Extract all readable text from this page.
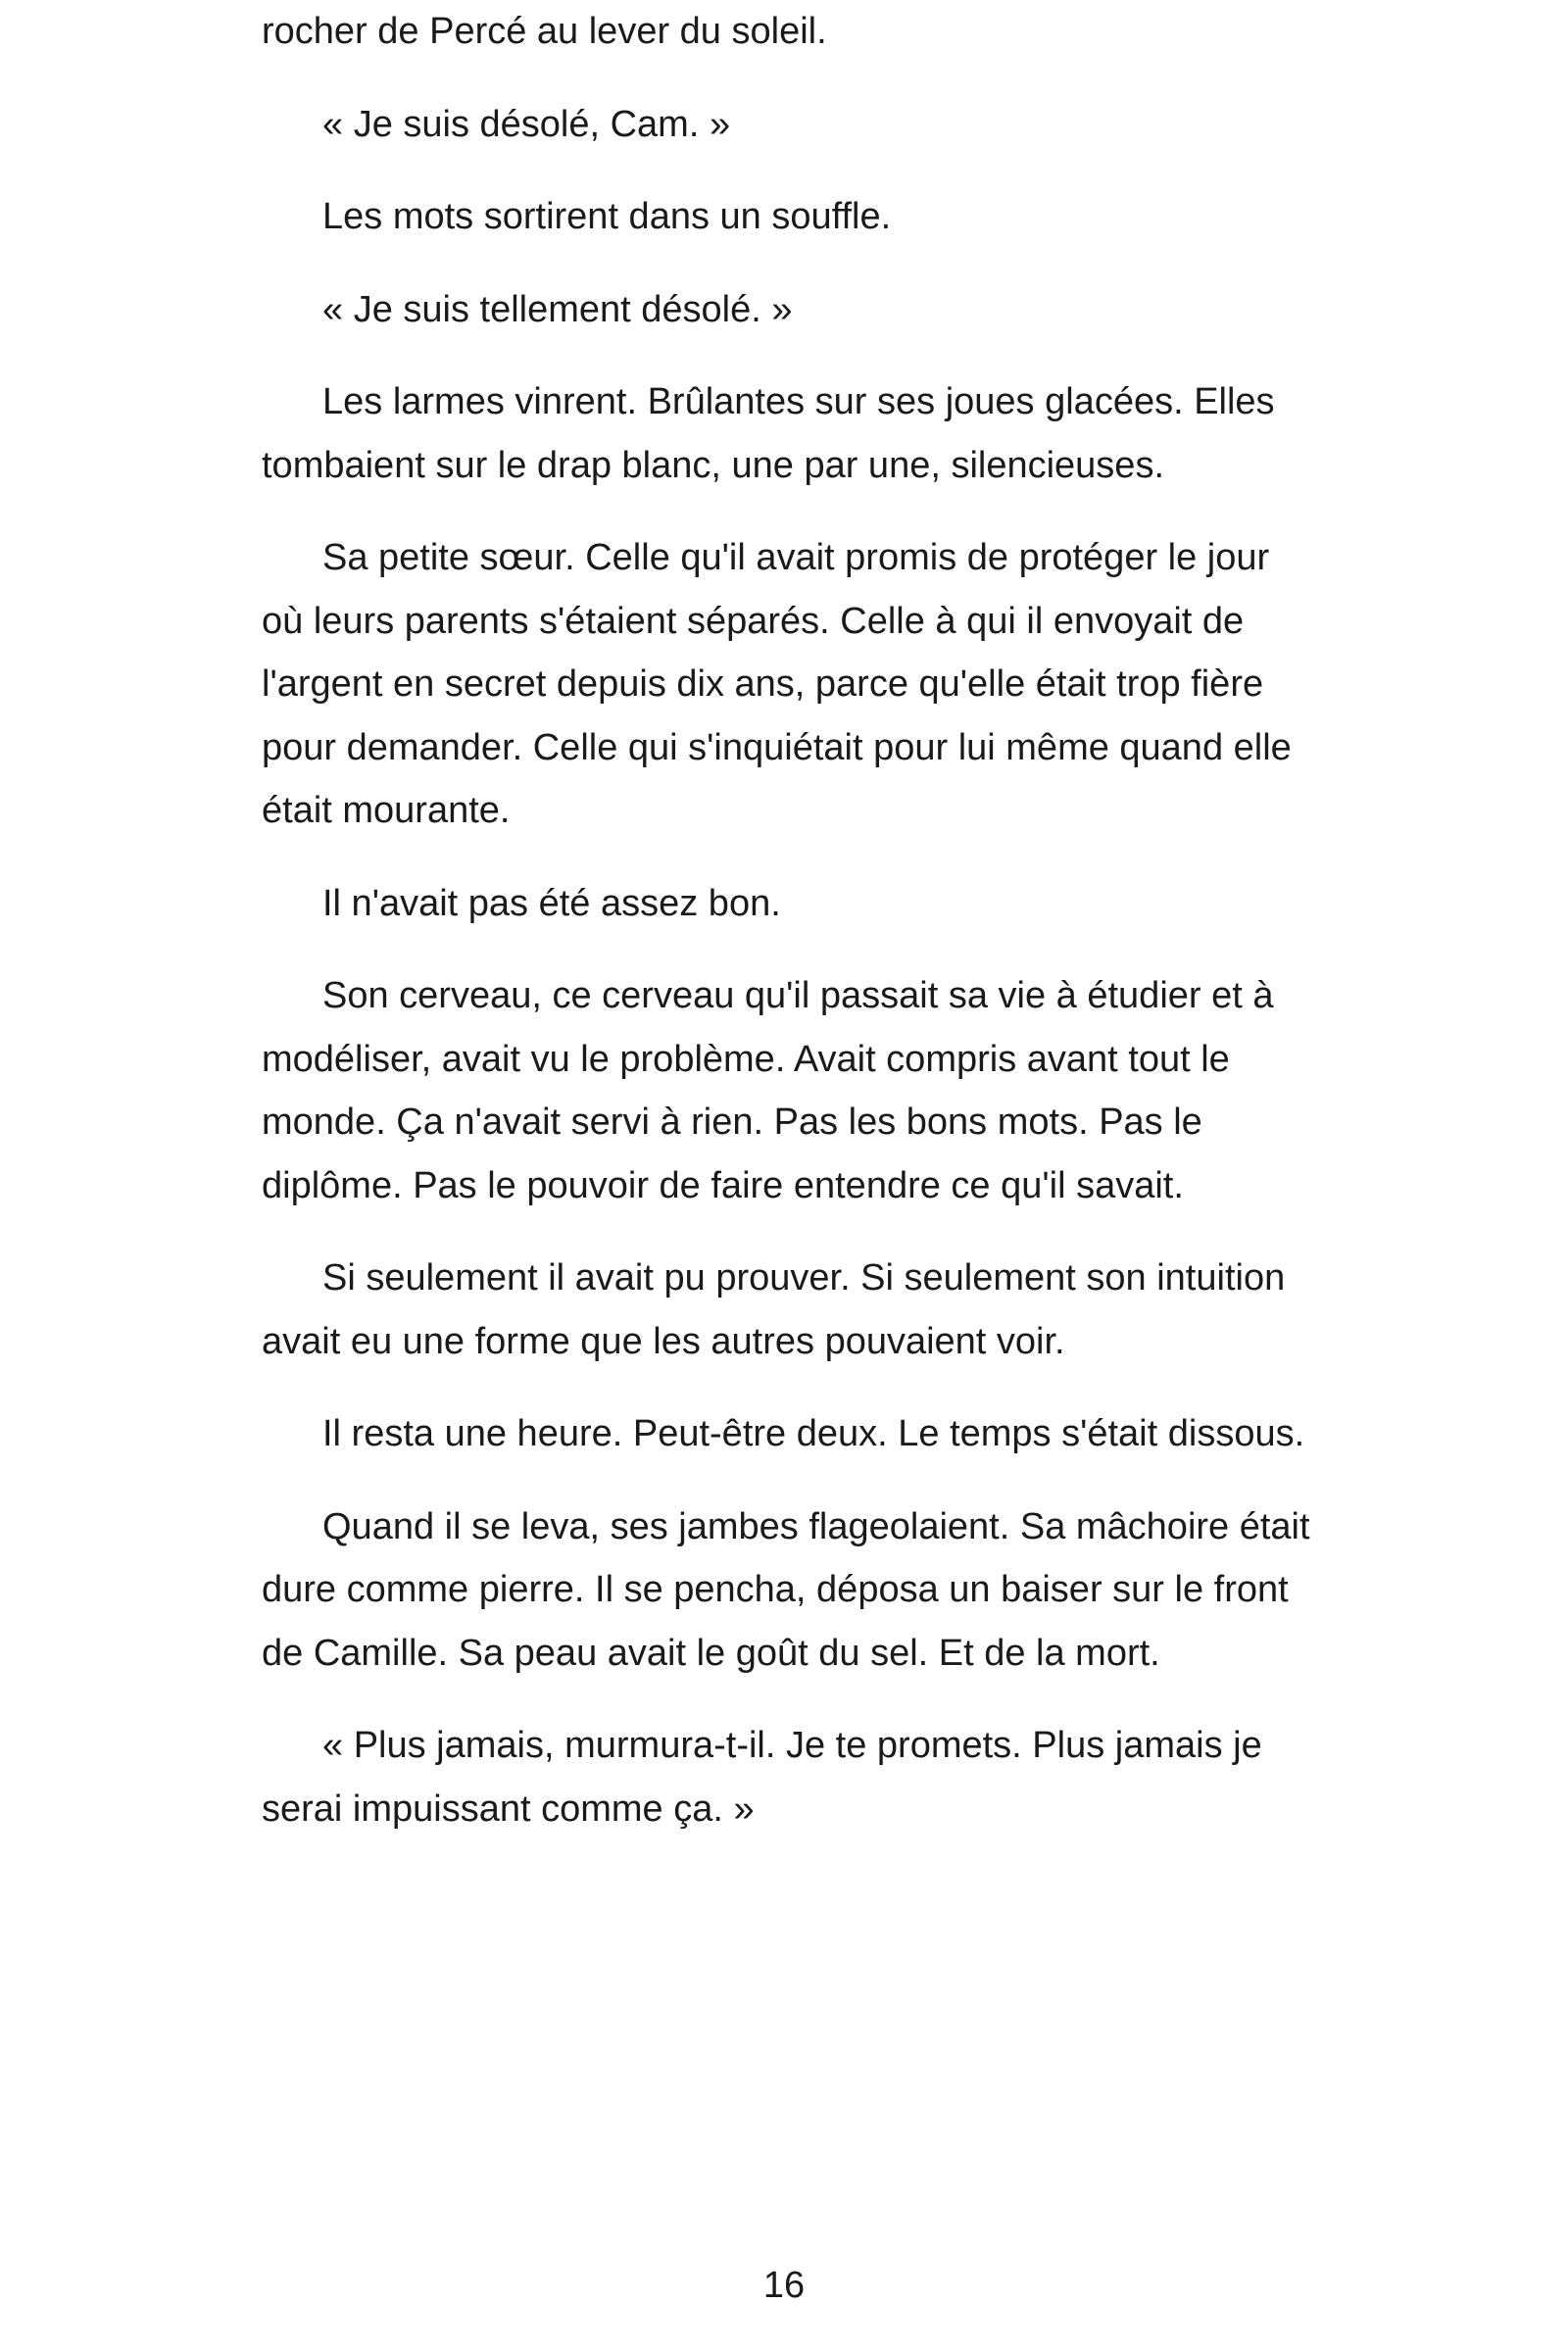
rocher de Percé au lever du soleil.

« Je suis désolé, Cam. »

Les mots sortirent dans un souffle.

« Je suis tellement désolé. »

Les larmes vinrent. Brûlantes sur ses joues glacées. Elles tombaient sur le drap blanc, une par une, silencieuses.

Sa petite sœur. Celle qu'il avait promis de protéger le jour où leurs parents s'étaient séparés. Celle à qui il envoyait de l'argent en secret depuis dix ans, parce qu'elle était trop fière pour demander. Celle qui s'inquiétait pour lui même quand elle était mourante.

Il n'avait pas été assez bon.

Son cerveau, ce cerveau qu'il passait sa vie à étudier et à modéliser, avait vu le problème. Avait compris avant tout le monde. Ça n'avait servi à rien. Pas les bons mots. Pas le diplôme. Pas le pouvoir de faire entendre ce qu'il savait.

Si seulement il avait pu prouver. Si seulement son intuition avait eu une forme que les autres pouvaient voir.

Il resta une heure. Peut-être deux. Le temps s'était dissous.

Quand il se leva, ses jambes flageolaient. Sa mâchoire était dure comme pierre. Il se pencha, déposa un baiser sur le front de Camille. Sa peau avait le goût du sel. Et de la mort.

« Plus jamais, murmura-t-il. Je te promets. Plus jamais je serai impuissant comme ça. »

16
